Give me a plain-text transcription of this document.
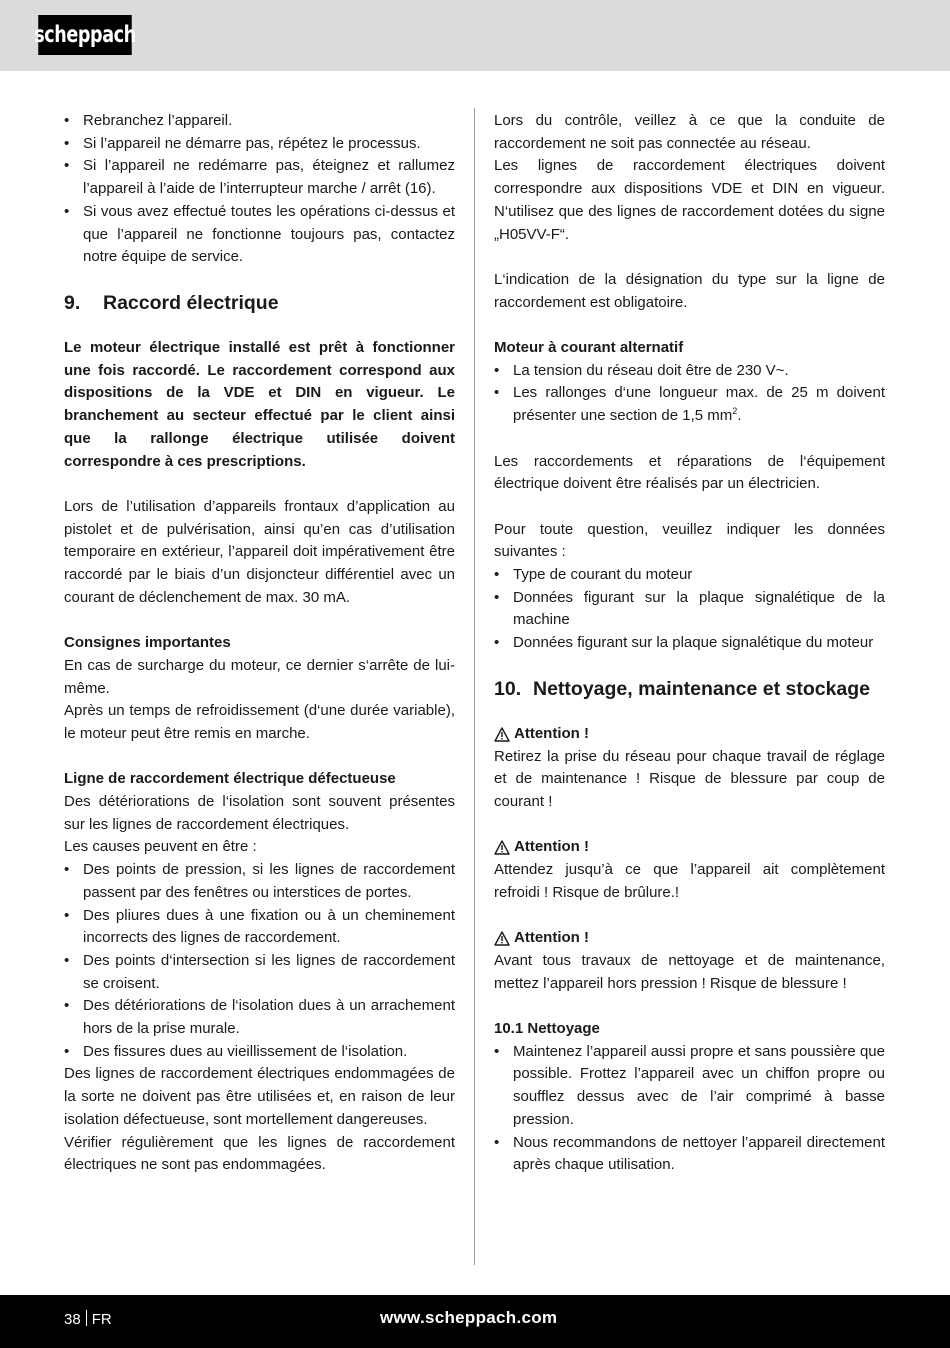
scheppach
• Rebranchez l’appareil.
• Si l’appareil ne démarre pas, répétez le processus.
• Si l’appareil ne redémarre pas, éteignez et rallumez l’appareil à l’aide de l’interrupteur marche / arrêt (16).
• Si vous avez effectué toutes les opérations ci-dessus et que l’appareil ne fonctionne toujours pas, contactez notre équipe de service.
9.	Raccord électrique

Le moteur électrique installé est prêt à fonctionner une fois raccordé. Le raccordement correspond aux dispositions de la VDE et DIN en vigueur. Le branchement au secteur effectué par le client ainsi que la rallonge électrique utilisée doivent correspondre à ces prescriptions.

Lors de l’utilisation d’appareils frontaux d’application au pistolet et de pulvérisation, ainsi qu’en cas d’utilisation temporaire en extérieur, l’appareil doit impérativement être raccordé par le biais d’un disjoncteur différentiel avec un courant de déclenchement de max. 30 mA.

Consignes importantes

En cas de surcharge du moteur, ce dernier s‘arrête de lui-même.

Après un temps de refroidissement (d‘une durée variable), le moteur peut être remis en marche.

Ligne de raccordement électrique défectueuse

Des détériorations de l‘isolation sont souvent présentes sur les lignes de raccordement électriques.

Les causes peuvent en être :

• Des points de pression, si les lignes de raccordement passent par des fenêtres ou interstices de portes.
• Des pliures dues à une fixation ou à un cheminement incorrects des lignes de raccordement.
• Des points d‘intersection si les lignes de raccordement se croisent.
• Des détériorations de l‘isolation dues à un arrachement hors de la prise murale.
• Des fissures dues au vieillissement de l‘isolation.

Des lignes de raccordement électriques endommagées de la sorte ne doivent pas être utilisées et, en raison de leur isolation défectueuse, sont mortellement dangereuses.

Vérifier régulièrement que les lignes de raccordement électriques ne sont pas endommagées.

Lors du contrôle, veillez à ce que la conduite de raccordement ne soit pas connectée au réseau.

Les lignes de raccordement électriques doivent correspondre aux dispositions VDE et DIN en vigueur. N‘utilisez que des lignes de raccordement dotées du signe „H05VV-F“.

L‘indication de la désignation du type sur la ligne de raccordement est obligatoire.

Moteur à courant alternatif

• La tension du réseau doit être de 230 V~.
• Les rallonges d‘une longueur max. de 25 m doivent présenter une section de 1,5 $mm^2$.

Les raccordements et réparations de l‘équipement électrique doivent être réalisés par un électricien.

Pour toute question, veuillez indiquer les données suivantes :

• Type de courant du moteur
• Données figurant sur la plaque signalétique de la machine
• Données figurant sur la plaque signalétique du moteur
10. Nettoyage, maintenance et stockage
Attention !

Retirez la prise du réseau pour chaque travail de réglage et de maintenance ! Risque de blessure par coup de courant !

Attention !

Attendez jusqu’à ce que l’appareil ait complètement refroidi ! Risque de brûlure.!

Attention !

Avant tous travaux de nettoyage et de maintenance, mettez l’appareil hors pression ! Risque de blessure !

10.1 Nettoyage

• Maintenez l’appareil aussi propre et sans poussière que possible. Frottez l’appareil avec un chiffon propre ou soufflez dessus avec de l’air comprimé à basse pression.
• Nous recommandons de nettoyer l’appareil directement après chaque utilisation.
38 FR	www.scheppach.com
